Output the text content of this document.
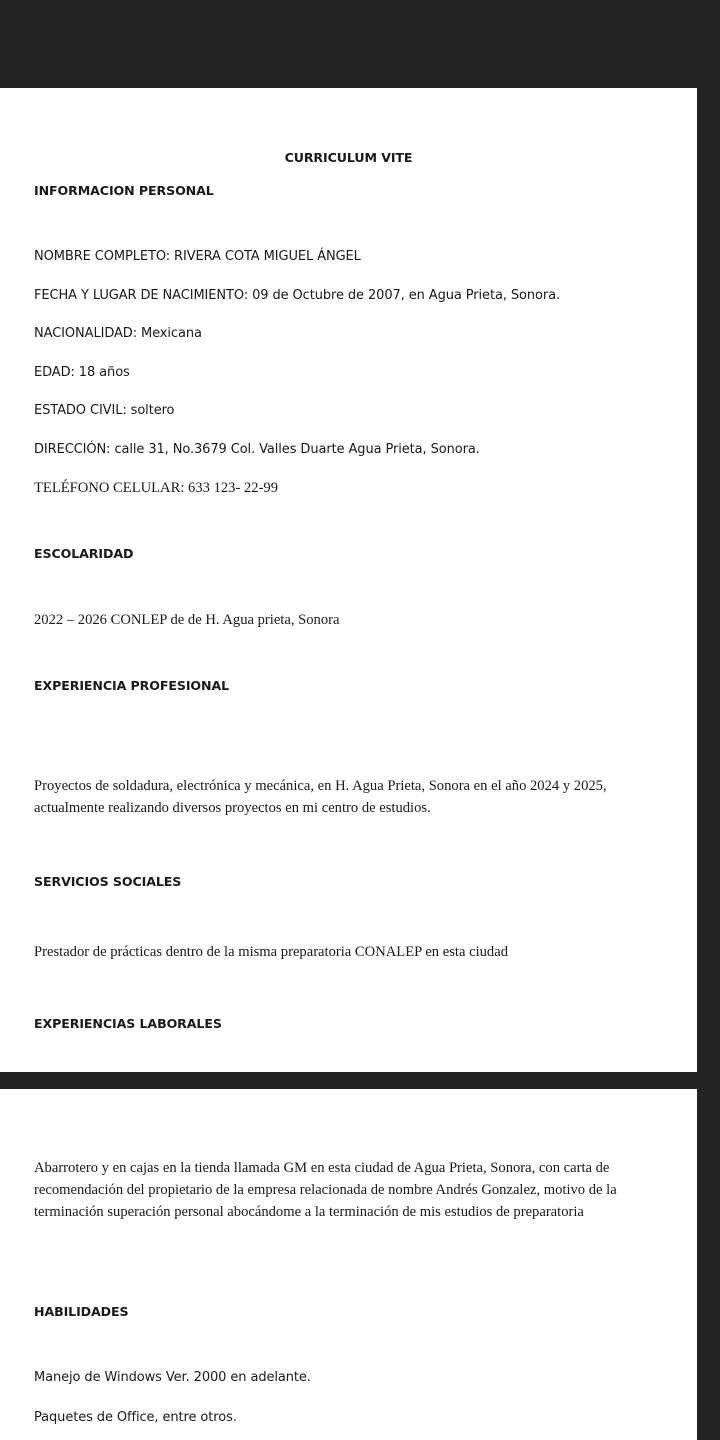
CURRICULUM VITE

INFORMACION PERSONAL

NOMBRE COMPLETO: RIVERA COTA MIGUEL ÁNGEL

FECHA Y LUGAR DE NACIMIENTO: 09 de Octubre de 2007, en Agua Prieta, Sonora.

NACIONALIDAD: Mexicana

EDAD: 18 años

ESTADO CIVIL: soltero

DIRECCIÓN: calle 31, No.3679 Col. Valles Duarte Agua Prieta, Sonora.

TELÉFONO CELULAR: 633 123- 22-99

ESCOLARIDAD

2022 – 2026 CONLEP de de H. Agua prieta, Sonora

EXPERIENCIA PROFESIONAL

Proyectos de soldadura, electrónica y mecánica, en H. Agua Prieta, Sonora en el año 2024 y 2025, actualmente realizando diversos proyectos en mi centro de estudios.

SERVICIOS SOCIALES

Prestador de prácticas dentro de la misma preparatoria CONALEP en esta ciudad

EXPERIENCIAS LABORALES

Abarrotero y en cajas en la tienda llamada GM en esta ciudad de Agua Prieta, Sonora, con carta de recomendación del propietario de la empresa relacionada de nombre Andrés Gonzalez, motivo de la terminación superación personal abocándome a la terminación de mis estudios de preparatoria

HABILIDADES

Manejo de Windows Ver. 2000 en adelante.

Paquetes de Office, entre otros.
